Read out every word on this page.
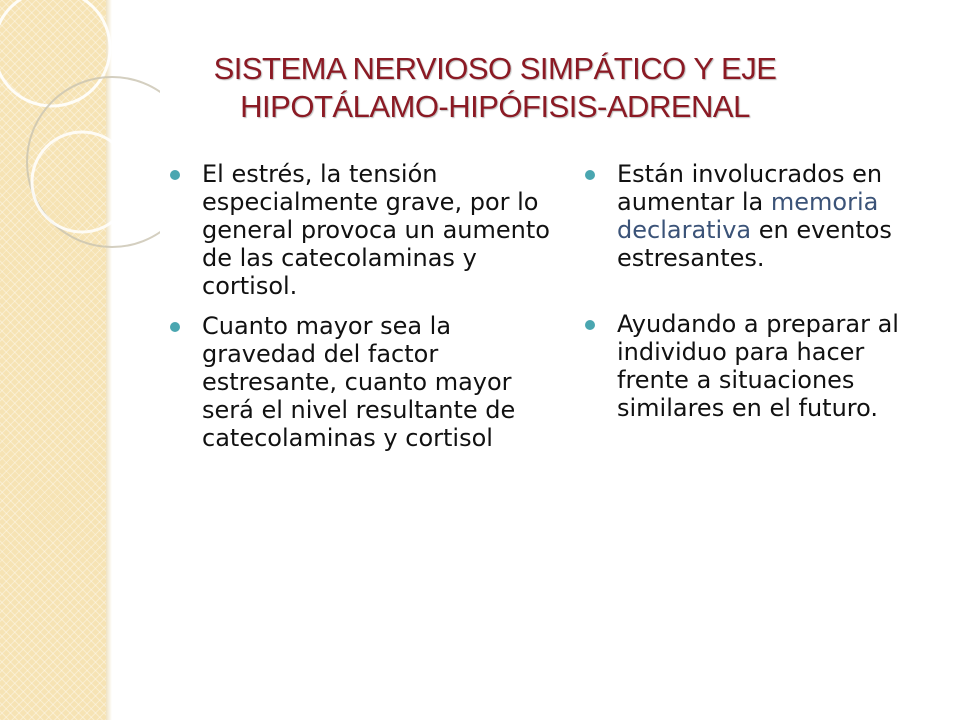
SISTEMA NERVIOSO SIMPÁTICO Y EJE
HIPOTÁLAMO-HIPÓFISIS-ADRENAL
El estrés, la tensión especialmente grave, por lo general provoca un aumento de las catecolaminas y cortisol.
Cuanto mayor sea la gravedad del factor estresante, cuanto mayor será el nivel resultante de catecolaminas y cortisol
Están involucrados en aumentar la memoria declarativa en eventos estresantes.
Ayudando a preparar al individuo para hacer frente a situaciones similares en el futuro.
